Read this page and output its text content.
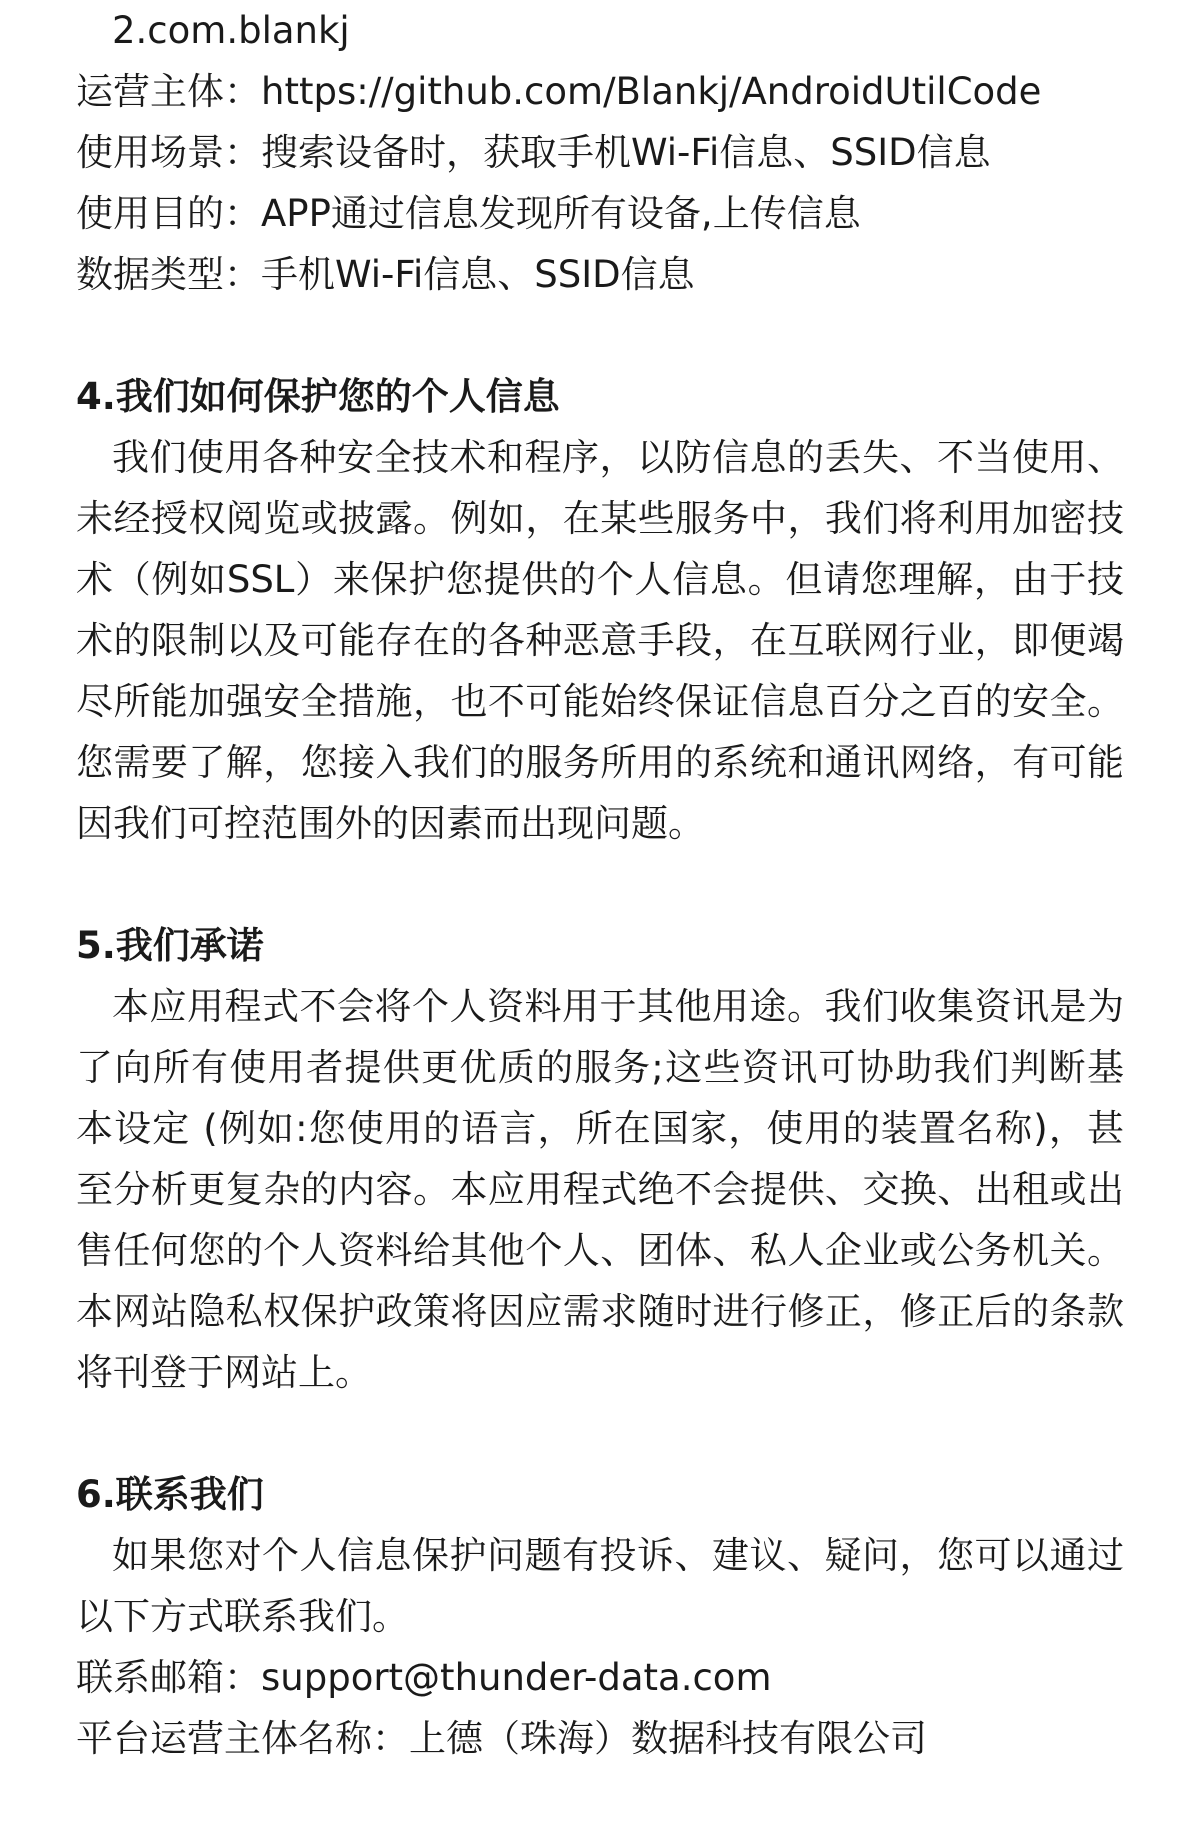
2.com.blankj
运营主体：https://github.com/Blankj/AndroidUtilCode
使用场景：搜索设备时，获取手机Wi-Fi信息、SSID信息
使用目的：APP通过信息发现所有设备,上传信息
数据类型：手机Wi-Fi信息、SSID信息
4.我们如何保护您的个人信息

我们使用各种安全技术和程序，以防信息的丢失、不当使用、未经授权阅览或披露。例如，在某些服务中，我们将利用加密技术（例如SSL）来保护您提供的个人信息。但请您理解，由于技术的限制以及可能存在的各种恶意手段，在互联网行业，即便竭尽所能加强安全措施，也不可能始终保证信息百分之百的安全。您需要了解，您接入我们的服务所用的系统和通讯网络，有可能因我们可控范围外的因素而出现问题。

5.我们承诺

本应用程式不会将个人资料用于其他用途。我们收集资讯是为了向所有使用者提供更优质的服务;这些资讯可协助我们判断基本设定 (例如:您使用的语言，所在国家，使用的装置名称)，甚至分析更复杂的内容。本应用程式绝不会提供、交换、出租或出售任何您的个人资料给其他个人、团体、私人企业或公务机关。本网站隐私权保护政策将因应需求随时进行修正，修正后的条款将刊登于网站上。

6.联系我们

如果您对个人信息保护问题有投诉、建议、疑问，您可以通过以下方式联系我们。

联系邮箱：support@thunder-data.com
平台运营主体名称：上德（珠海）数据科技有限公司
